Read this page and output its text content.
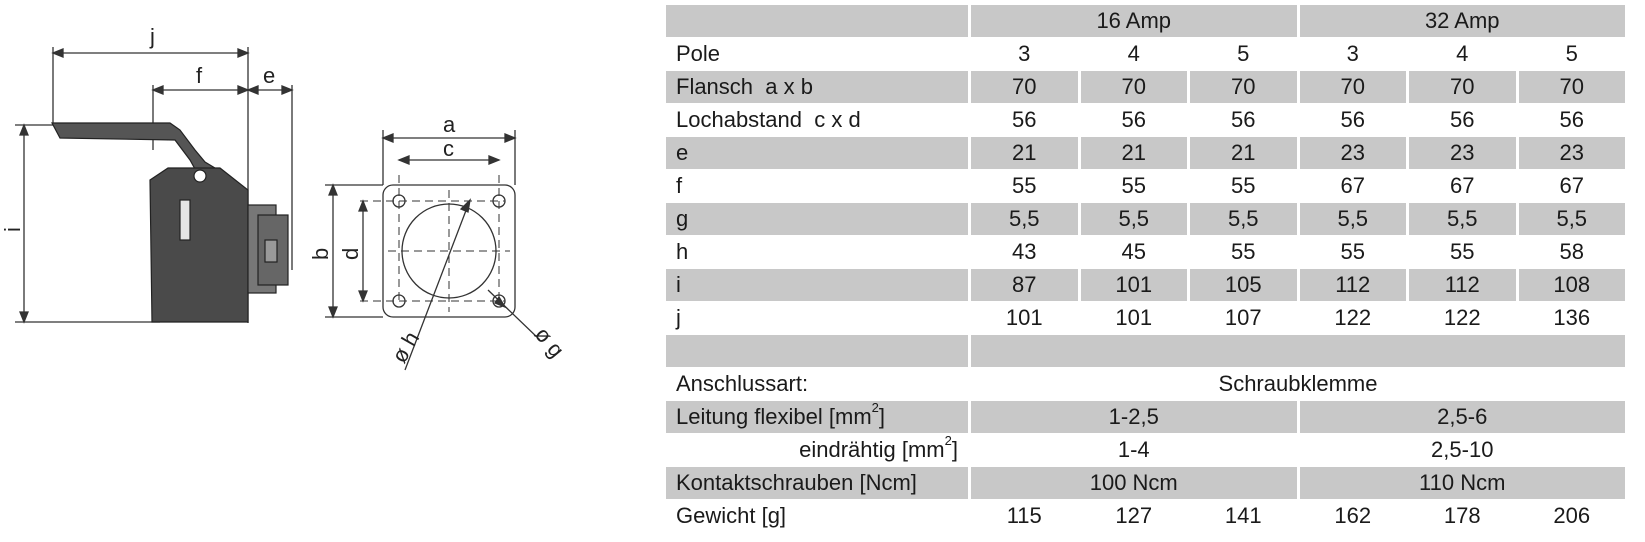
j
f	e
i
a
c
b d
ø h	ø g
	16 Amp			32 Amp		
Pole	3	4	5	3	4	5
Flansch  a x b	70	70	70	70	70	70
Lochabstand  c x d	56	56	56	56	56	56
e	21	21	21	23	23	23
f	55	55	55	67	67	67
g	5,5	5,5	5,5	5,5	5,5	5,5
h	43	45	55	55	55	58
i	87	101	105	112	112	108
j	101	101	107	122	122	136

Anschlussart:	Schraubklemme					
Leitung flexibel $[mm^2]$	1-2,5			2,5-6		
eindrähtig $[mm^2]$	1-4			2,5-10		
Kontaktschrauben [Ncm]	100 Ncm			110 Ncm		
Gewicht [g]	115	127	141	162	178	206
